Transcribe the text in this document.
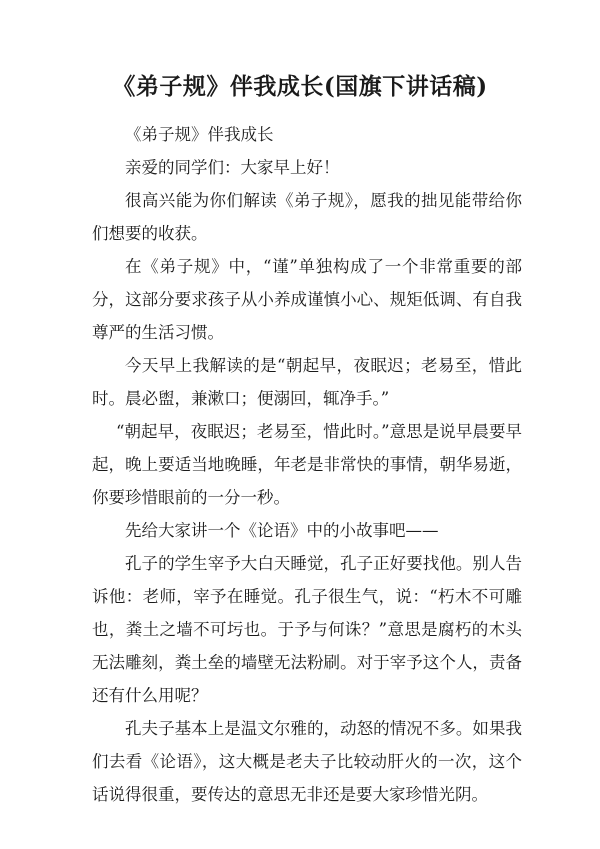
《弟子规》伴我成长(国旗下讲话稿)

《弟子规》伴我成长

亲爱的同学们：大家早上好！

很高兴能为你们解读《弟子规》，愿我的拙见能带给你们想要的收获。

在《弟子规》中，“谨”单独构成了一个非常重要的部分，这部分要求孩子从小养成谨慎小心、规矩低调、有自我尊严的生活习惯。

今天早上我解读的是“朝起早，夜眠迟；老易至，惜此时。晨必盥，兼漱口；便溺回，辄净手。”

“朝起早，夜眠迟；老易至，惜此时。”意思是说早晨要早起，晚上要适当地晚睡，年老是非常快的事情，朝华易逝，你要珍惜眼前的一分一秒。

先给大家讲一个《论语》中的小故事吧——

孔子的学生宰予大白天睡觉，孔子正好要找他。别人告诉他：老师，宰予在睡觉。孔子很生气，说：“朽木不可雕也，粪土之墙不可圬也。于予与何诛？”意思是腐朽的木头无法雕刻，粪土垒的墙壁无法粉刷。对于宰予这个人，责备还有什么用呢？

孔夫子基本上是温文尔雅的，动怒的情况不多。如果我们去看《论语》，这大概是老夫子比较动肝火的一次，这个话说得很重，要传达的意思无非还是要大家珍惜光阴。
